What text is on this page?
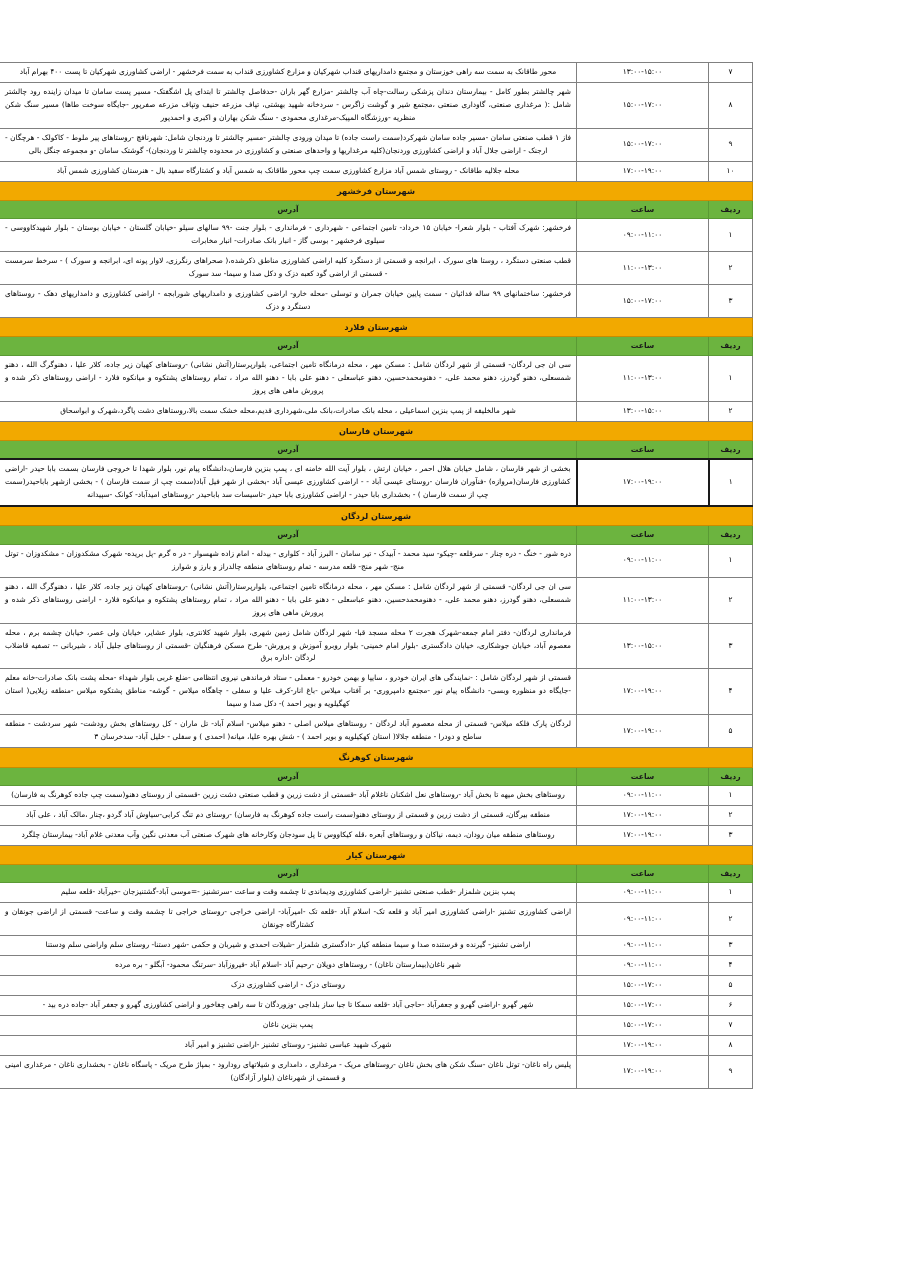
۷	۱۳:۰۰-۱۵:۰۰	محور طاقانک به سمت سه راهی خوزستان و مجتمع دامداریهای قنداب شهرکیان و مزارع کشاورزی قنداب به سمت فرخشهر - اراضی کشاورزی شهرکیان تا پست ۴۰۰ بهرام آباد
۸	۱۵:۰۰-۱۷:۰۰	شهر چالشتر بطور کامل - بیمارستان دندان پزشکی رسالت-چاه آب چالشتر -مزارع گهر باران -حدفاصل چالشتر تا ابتدای پل اشگفتک- مسیر پست سامان تا میدان زاینده رود چالشتر شامل :( مرغداری صنعتی، گاوداری صنعتی ،مجتمع شیر و گوشت زاگرس - سردخانه شهید بهشتی، تپاف مزرعه حنیف وتپاف مزرعه صفرپور -جایگاه سوخت طاها) مسیر سنگ شکن منظریه -ورزشگاه المپیک-مرغداری محمودی - سنگ شکن بهاران و اکبری و احمدپور
۹	۱۵:۰۰-۱۷:۰۰	فاز ۱ قطب صنعتی سامان -مسیر جاده سامان شهرکرد(سمت راست جاده) تا میدان ورودی چالشتر -مسیر چالشتر تا وردنجان شامل: شهرنافچ -روستاهای پیر ملوط - کاکولک - هرچگان - ارجنک - اراضی جلال آباد و اراضی کشاورزی وردنجان(کلیه مرغداریها و واحدهای صنعتی و کشاورزی در محدوده چالشتر تا وردنجان)- گوشتک سامان -و مجموعه جنگل بالی
۱۰	۱۷:۰۰-۱۹:۰۰	محله جلالیه طاقانک - روستای شمس آباد مزارع کشاورزی سمت چپ محور طاقانک به شمس آباد و کشتارگاه سفید بال - هنرستان کشاورزی شمس آباد
شهرستان فرخشهر		
ردیف	ساعت	آدرس
۱	۰۹:۰۰-۱۱:۰۰	فرخشهر: شهرک آفتاب - بلوار شعرا- خیابان ۱۵ خرداد- تامین اجتماعی - شهرداری - فرمانداری - بلوار جنت -۹۹ سالهای سیلو -خیابان گلستان - خیابان بوستان - بلوار شهیدکاووسی - سیلوی فرخشهر - بوسی گاز - انبار بانک صادرات- انبار مخابرات
۲	۱۱:۰۰-۱۳:۰۰	قطب صنعتی دستگرد ، روستا های سورک ، ابرانجه و قسمتی از دستگرد کلیه اراضی کشاورزی مناطق ذکرشده،( صحراهای رنگرزی، لاوار پونه ای، ابرانجه و سورک ) - سرخط سرمست - قسمتی از اراضی گود کعبه دزک و دکل صدا و سیما- سد سورک
۳	۱۵:۰۰-۱۷:۰۰	فرخشهر: ساختمانهای ۹۹ ساله فدائیان - سمت پایین خیابان جمران و توسلی -محله خارو- اراضی کشاورزی و دامداریهای شورابجه - اراضی کشاورزی و دامداریهای دهک - روستاهای دستگرد و دزک
شهرستان فلارد		
ردیف	ساعت	آدرس
۱	۱۱:۰۰-۱۳:۰۰	سی ان جی لردگان- قسمتی از شهر لردگان شامل : مسکن مهر ، محله درمانگاه تامین اجتماعی، بلوارپرستار(آتش نشانی) -روستاهای کهیان زیر جاده، کلار علیا ، دهنوگرگ الله ، دهنو شمسعلی، دهنو گودرز، دهنو محمد علی، - دهنومحمدحسین، دهنو عباسعلی - دهنو علی بابا - دهنو الله مراد ، تمام روستاهای پشتکوه و میانکوه فلارد - اراضی روستاهای ذکر شده و پرورش ماهی های پروز
۲	۱۳:۰۰-۱۵:۰۰	شهر مالخلیفه از پمپ بنزین اسماعیلی ، محله بانک صادرات،بانک ملی،شهرداری قدیم،محله خشک سمت بالا،روستاهای دشت پاگرد،شهرک و ابواسحاق
شهرستان فارسان		
ردیف	ساعت	آدرس
۱	۱۷:۰۰-۱۹:۰۰	بخشی از شهر فارسان ، شامل خیابان هلال احمر ، خیابان ارتش ، بلوار آیت الله خامنه ای ، پمپ بنزین فارسان،دانشگاه پیام نور، بلوار شهدا تا خروجی فارسان بسمت بابا حیدر -اراضی کشاورزی فارسان(مروازه) -فنآوران فارسان -روستای عیسی آباد - - اراضی کشاورزی عیسی آباد -بخشی از شهر فیل آباد(سمت چپ از سمت فارسان ) - بخشی ازشهر باباحیدر(سمت چپ از سمت فارسان ) - بخشداری بابا حیدر - اراضی کشاورزی بابا حیدر -تاسیسات سد باباحیدر -روستاهای امیدآباد- کوانک -سپیدانه
شهرستان لردگان		
ردیف	ساعت	آدرس
۱	۰۹:۰۰-۱۱:۰۰	دره شور - خنگ - دره چنار - سرقلعه -چیکو- سید محمد - آبیدک - تیر سامان - البرز آباد - کلواری - بیدله - امام زاده شهسوار - در ه گرم -پل بریده- شهرک مشکدوزان - مشکدوزان - توتل منج- شهر منج- قلعه مدرسه - تمام روستاهای منطقه چالدراز و بارز و شوارز
۲	۱۱:۰۰-۱۳:۰۰	سی ان جی لردگان- قسمتی از شهر لردگان شامل : مسکن مهر ، محله درمانگاه تامین اجتماعی، بلوارپرستار(آتش نشانی) -روستاهای کهیان زیر جاده، کلار علیا ، دهنوگرگ الله ، دهنو شمسعلی، دهنو گودرز، دهنو محمد علی، - دهنومحمدحسین، دهنو عباسعلی - دهنو علی بابا - دهنو الله مراد ، تمام روستاهای پشتکوه و میانکوه فلارد - اراضی روستاهای ذکر شده و پرورش ماهی های پروز
۳	۱۳:۰۰-۱۵:۰۰	فرمانداری لردگان- دفتر امام جمعه-شهرک هجرت ۲ محله مسجد قبا- شهر لردگان شامل زمین شهری، بلوار شهید کلانتری، بلوار عشایر، خیابان ولی عصر، خیابان چشمه برم ، محله معصوم آباد، خیابان جوشکاری، خیابان دادگستری -بلوار امام خمینی- بلوار روبرو آموزش و پرورش- طرح مسکن فرهنگیان -قسمتی از روستاهای جلیل آباد ، شیربانی -- تصفیه قاضلاب لردگان -اداره برق
۴	۱۷:۰۰-۱۹:۰۰	قسمتی از شهر لردگان شامل : -نمایندگی های ایران خودرو ، سایپا و بهمن خودرو - معملی - ستاد فرماندهی نیروی انتظامی -ضلع غربی بلوار شهداء -محله پشت بانک صادرات-خانه معلم -جایگاه دو منظوره وبسی- دانشگاه پیام نور -مجتمع دامپروری- بر آفتاب میلاس -باغ انار-کرف علیا و سفلی - چاهگاه میلاس - گوشه- مناطق پشتکوه میلاس -منطقه زیلایی( استان کهگیلویه و بویر احمد )- دکل صدا و سیما
۵	۱۷:۰۰-۱۹:۰۰	لردگان پارک فلکه میلاس- قسمتی از محله معصوم آباد لردگان - روستاهای میلاس اصلی - دهنو میلاس- اسلام آباد- تل ماران - کل روستاهای بخش رودشت- شهر سردشت - منطقه ساطح و دودرا - منطقه جلالا( استان کهکیلویه و بویر احمد ) - شش بهره علیا، میانه( احمدی ) و سفلی - خلیل آباد- سدخرسان ۳
شهرستان کوهرنگ		
ردیف	ساعت	آدرس
۱	۰۹:۰۰-۱۱:۰۰	روستاهای بخش میهه تا بخش آباد -روستاهای نعل اشکنان ناغلام آباد -قسمتی از دشت زرین و قطب صنعتی دشت زرین -قسمتی از روستای دهنو(سمت چپ جاده کوهرنگ به فارسان)
۲	۱۷:۰۰-۱۹:۰۰	منطقه بیرگان، قسمتی از دشت زرین و قسمتی از روستای دهنو(سمت راست جاده کوهرنگ به فارسان) -روستای دم تنگ کرابی-سیاوش آباد گردو ،چنار ،مالک آباد ، علی آباد
۳	۱۷:۰۰-۱۹:۰۰	روستاهای منطقه میان رودان، دبمه، نیاکان و روستاهای آبعره ،قله کیکاووس تا پل سودجان وکارخانه های شهرک صنعتی آب معدنی نگین وآب معدنی غلام آباد- بیمارستان چلگرد
شهرستان کیار		
ردیف	ساعت	آدرس
۱	۰۹:۰۰-۱۱:۰۰	پمپ بنزین شلمزار -قطب صنعتی تشنیز -اراضی کشاورزی ودیماندی تا چشمه وقت و ساعت -سرتشنیز -=موسی آباد-گشتنیزجان -خیرآباد -قلعه سلیم
۲	۰۹:۰۰-۱۱:۰۰	اراضی کشاورزی تشنیز -اراضی کشاورزی امیر آباد و قلعه تک- اسلام آباد -قلعه تک -امیرآباد- اراضی خراجی -روستای خراجی تا چشمه وقت و ساعت- قسمتی از اراضی جونقان و کشتارگاه جونقان
۳	۰۹:۰۰-۱۱:۰۰	اراضی تشنیز- گیرنده و فرستنده صدا و سیما منطقه کیار -دادگستری شلمزار -شیلات احمدی و شیربان و حکمی -شهر دستنا- روستای سلم واراضی سلم ودستنا
۴	۰۹:۰۰-۱۱:۰۰	شهر ناغان(بیمارستان ناغان) - روستاهای دوپلان -رحیم آباد -اسلام آباد -فیروزآباد -سرتنگ محمود- آبگلو - بره مرده
۵	۱۵:۰۰-۱۷:۰۰	روستای دزک - اراضی کشاورزی دزک
۶	۱۵:۰۰-۱۷:۰۰	شهر گهرو -اراضی گهرو و جعفرآباد -حاجی آباد -قلعه سمکا تا جبا ساز بلداجی -وزوردگان تا سه راهی چغاخور و اراضی کشاورزی گهرو و جعفر آباد -جاده دره بید -
۷	۱۵:۰۰-۱۷:۰۰	پمپ بنزین ناغان
۸	۱۷:۰۰-۱۹:۰۰	شهرک شهید عباسی تشنیز- روستای تشنیز -اراضی تشنیز و امیر آباد
۹	۱۷:۰۰-۱۹:۰۰	پلیس راه ناغان- توتل ناغان -سنگ شکن های بخش ناغان -روستاهای مریک - مرغداری ، دامداری و شیلاتهای رودارود - بمپاژ طرح مریک - پاسگاه ناغان - بخشداری ناغان - مرغداری امینی و قسمتی از شهرناغان (بلوار آزادگان)
